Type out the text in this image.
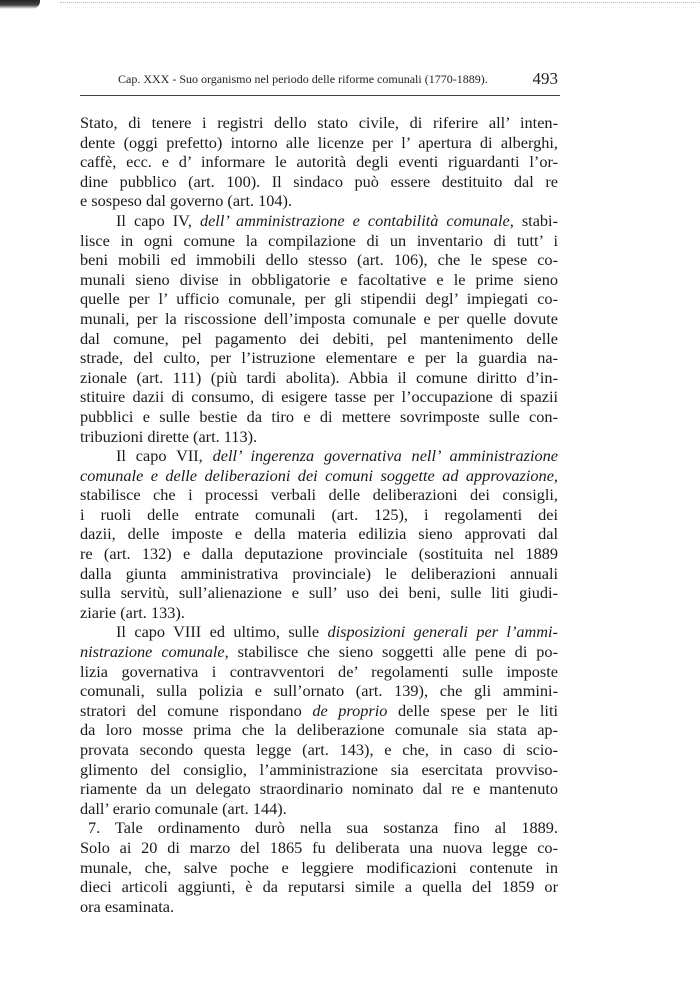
Cap. XXX - Suo organismo nel periodo delle riforme comunali (1770-1889).	493
Stato, di tenere i registri dello stato civile, di riferire all’ inten-
dente (oggi prefetto) intorno alle licenze per l’ apertura di alberghi,
caffè, ecc. e d’ informare le autorità degli eventi riguardanti l’or-
dine pubblico (art. 100). Il sindaco può essere destituito dal re
e sospeso dal governo (art. 104).
Il capo IV, dell’ amministrazione e contabilità comunale, stabi-
lisce in ogni comune la compilazione di un inventario di tutt’ i
beni mobili ed immobili dello stesso (art. 106), che le spese co-
munali sieno divise in obbligatorie e facoltative e le prime sieno
quelle per l’ ufficio comunale, per gli stipendii degl’ impiegati co-
munali, per la riscossione dell’imposta comunale e per quelle dovute
dal comune, pel pagamento dei debiti, pel mantenimento delle
strade, del culto, per l’istruzione elementare e per la guardia na-
zionale (art. 111) (più tardi abolita). Abbia il comune diritto d’in-
stituire dazii di consumo, di esigere tasse per l’occupazione di spazii
pubblici e sulle bestie da tiro e di mettere sovrimposte sulle con-
tribuzioni dirette (art. 113).
Il capo VII, dell’ ingerenza governativa nell’ amministrazione
comunale e delle deliberazioni dei comuni soggette ad approvazione,
stabilisce che i processi verbali delle deliberazioni dei consigli,
i ruoli delle entrate comunali (art. 125), i regolamenti dei
dazii, delle imposte e della materia edilizia sieno approvati dal
re (art. 132) e dalla deputazione provinciale (sostituita nel 1889
dalla giunta amministrativa provinciale) le deliberazioni annuali
sulla servitù, sull’alienazione e sull’ uso dei beni, sulle liti giudi-
ziarie (art. 133).
Il capo VIII ed ultimo, sulle disposizioni generali per l’ammi-
nistrazione comunale, stabilisce che sieno soggetti alle pene di po-
lizia governativa i contravventori de’ regolamenti sulle imposte
comunali, sulla polizia e sull’ornato (art. 139), che gli ammini-
stratori del comune rispondano de proprio delle spese per le liti
da loro mosse prima che la deliberazione comunale sia stata ap-
provata secondo questa legge (art. 143), e che, in caso di scio-
glimento del consiglio, l’amministrazione sia esercitata provviso-
riamente da un delegato straordinario nominato dal re e mantenuto
dall’ erario comunale (art. 144).
7. Tale ordinamento durò nella sua sostanza fino al 1889.
Solo ai 20 di marzo del 1865 fu deliberata una nuova legge co-
munale, che, salve poche e leggiere modificazioni contenute in
dieci articoli aggiunti, è da reputarsi simile a quella del 1859 or
ora esaminata.
